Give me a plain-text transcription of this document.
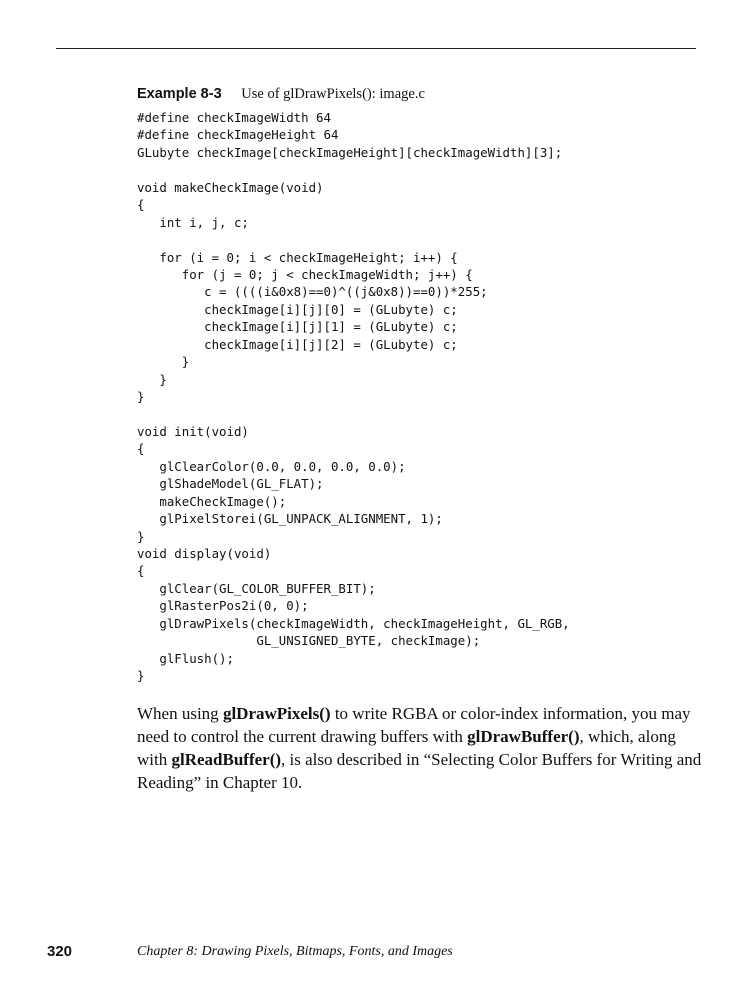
Example 8-3 Use of glDrawPixels(): image.c
#define checkImageWidth 64
#define checkImageHeight 64
GLubyte checkImage[checkImageHeight][checkImageWidth][3];
void makeCheckImage(void)
{
int i, j, c;
for (i = 0; i < checkImageHeight; i++) {
for (j = 0; j < checkImageWidth; j++) {
c = ((((i&0x8)==0)^((j&0x8))==0))*255;
checkImage[i][j][0] = (GLubyte) c;
checkImage[i][j][1] = (GLubyte) c;
checkImage[i][j][2] = (GLubyte) c;
}
}
}
void init(void)
{
glClearColor(0.0, 0.0, 0.0, 0.0);
glShadeModel(GL_FLAT);
makeCheckImage();
glPixelStorei(GL_UNPACK_ALIGNMENT, 1);
}
void display(void)
{
glClear(GL_COLOR_BUFFER_BIT);
glRasterPos2i(0, 0);
glDrawPixels(checkImageWidth, checkImageHeight, GL_RGB,
GL_UNSIGNED_BYTE, checkImage);
glFlush();
}

When using glDrawPixels() to write RGBA or color-index information, you may need to control the current drawing buffers with glDrawBuffer(), which, along with glReadBuffer(), is also described in “Selecting Color Buffers for Writing and Reading” in Chapter 10.

320	Chapter 8: Drawing Pixels, Bitmaps, Fonts, and Images
